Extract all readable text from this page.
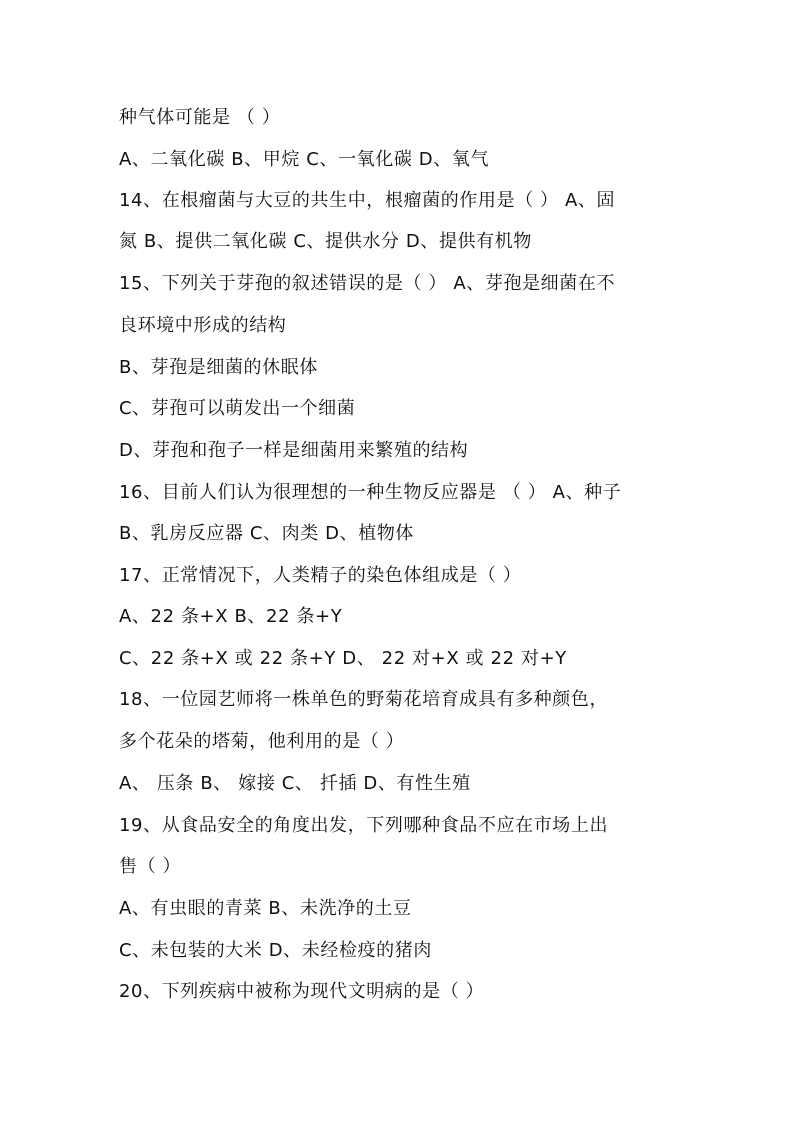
种气体可能是 （ ）
A、二氧化碳 B、甲烷 C、一氧化碳 D、氧气
14、在根瘤菌与大豆的共生中，根瘤菌的作用是（ ） A、固
氮 B、提供二氧化碳 C、提供水分 D、提供有机物
15、下列关于芽孢的叙述错误的是（ ） A、芽孢是细菌在不
良环境中形成的结构
B、芽孢是细菌的休眠体
C、芽孢可以萌发出一个细菌
D、芽孢和孢子一样是细菌用来繁殖的结构
16、目前人们认为很理想的一种生物反应器是 （ ） A、种子
B、乳房反应器 C、肉类 D、植物体
17、正常情况下，人类精子的染色体组成是（ ）
A、22 条+X B、22 条+Y
C、22 条+X 或 22 条+Y D、 22 对+X 或 22 对+Y
18、一位园艺师将一株单色的野菊花培育成具有多种颜色，
多个花朵的塔菊，他利用的是（ ）
A、 压条 B、 嫁接 C、 扦插 D、有性生殖
19、从食品安全的角度出发，下列哪种食品不应在市场上出
售（ ）
A、有虫眼的青菜 B、未洗净的土豆
C、未包装的大米 D、未经检疫的猪肉
20、下列疾病中被称为现代文明病的是（ ）
